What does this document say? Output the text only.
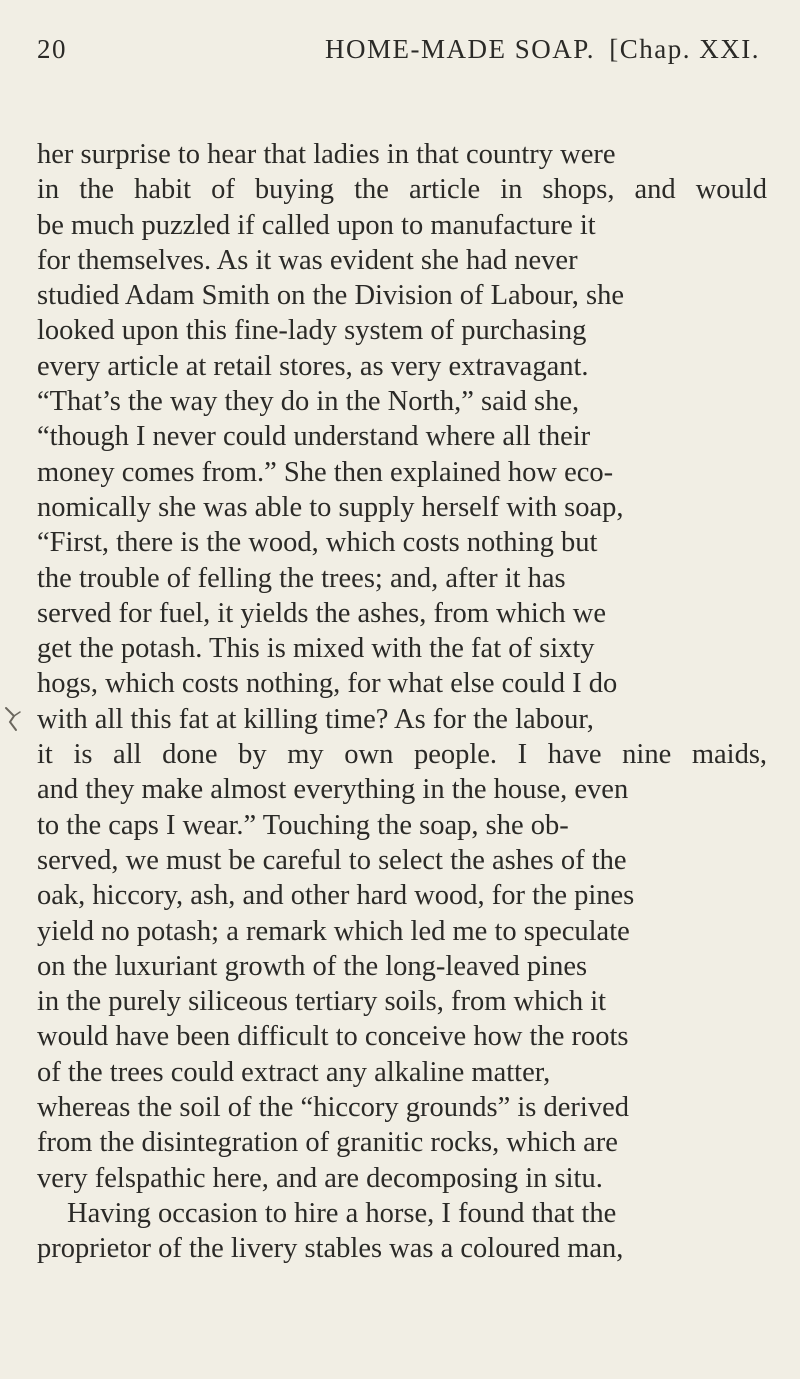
20	HOME-MADE SOAP. [Chap. XXI.
her surprise to hear that ladies in that country were
in the habit of buying the article in shops, and would
be much puzzled if called upon to manufacture it
for themselves. As it was evident she had never
studied Adam Smith on the Division of Labour, she
looked upon this fine-lady system of purchasing
every article at retail stores, as very extravagant.
“That’s the way they do in the North,” said she,
“though I never could understand where all their
money comes from.” She then explained how eco-
nomically she was able to supply herself with soap,
“First, there is the wood, which costs nothing but
the trouble of felling the trees; and, after it has
served for fuel, it yields the ashes, from which we
get the potash. This is mixed with the fat of sixty
hogs, which costs nothing, for what else could I do
with all this fat at killing time? As for the labour,
it is all done by my own people. I have nine maids,
and they make almost everything in the house, even
to the caps I wear.” Touching the soap, she ob-
served, we must be careful to select the ashes of the
oak, hiccory, ash, and other hard wood, for the pines
yield no potash; a remark which led me to speculate
on the luxuriant growth of the long-leaved pines
in the purely siliceous tertiary soils, from which it
would have been difficult to conceive how the roots
of the trees could extract any alkaline matter,
whereas the soil of the “hiccory grounds” is derived
from the disintegration of granitic rocks, which are
very felspathic here, and are decomposing in situ.
Having occasion to hire a horse, I found that the
proprietor of the livery stables was a coloured man,
